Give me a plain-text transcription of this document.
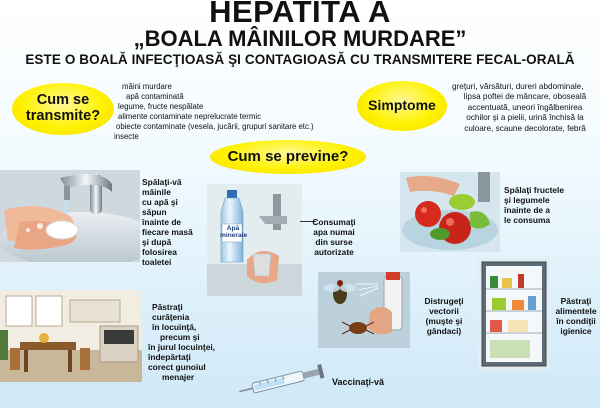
HEPATITA A
„BOALA MÂINILOR MURDARE”
ESTE O BOALĂ INFECŢIOASĂ ŞI CONTAGIOASĂ CU TRANSMITERE FECAL-ORALĂ
Cum se
transmite?
mâini murdare
apă contaminată
legume, fructe nespălate
alimente contaminate neprelucrate termic
obiecte contaminate (vesela, jucării, grupuri sanitare etc.)
insecte
Simptome
greţuri, vărsături, dureri abdominale,
lipsa poftei de mâncare, oboseală
accentuată, uneori îngălbenirea
ochilor şi a pielii, urină închisă la
culoare, scaune decolorate, febră
Cum se previne?
Spălaţi-vă
mâinile
cu apă şi
săpun
înainte de
fiecare masă
şi după
folosirea
toaletei
Apă
minerale
Consumaţi
apa numai
din surse
autorizate
Spălaţi fructele
şi legumele
înainte de a
le consuma
Păstraţi
curăţenia
în locuinţă,
precum şi
în jurul locuinţei,
îndepărtaţi
corect gunoiul
menajer
Distrugeţi
vectorii
(muşte şi
gândaci)
Păstraţi
alimentele
în condiţii
igienice
Vaccinaţi-vă
